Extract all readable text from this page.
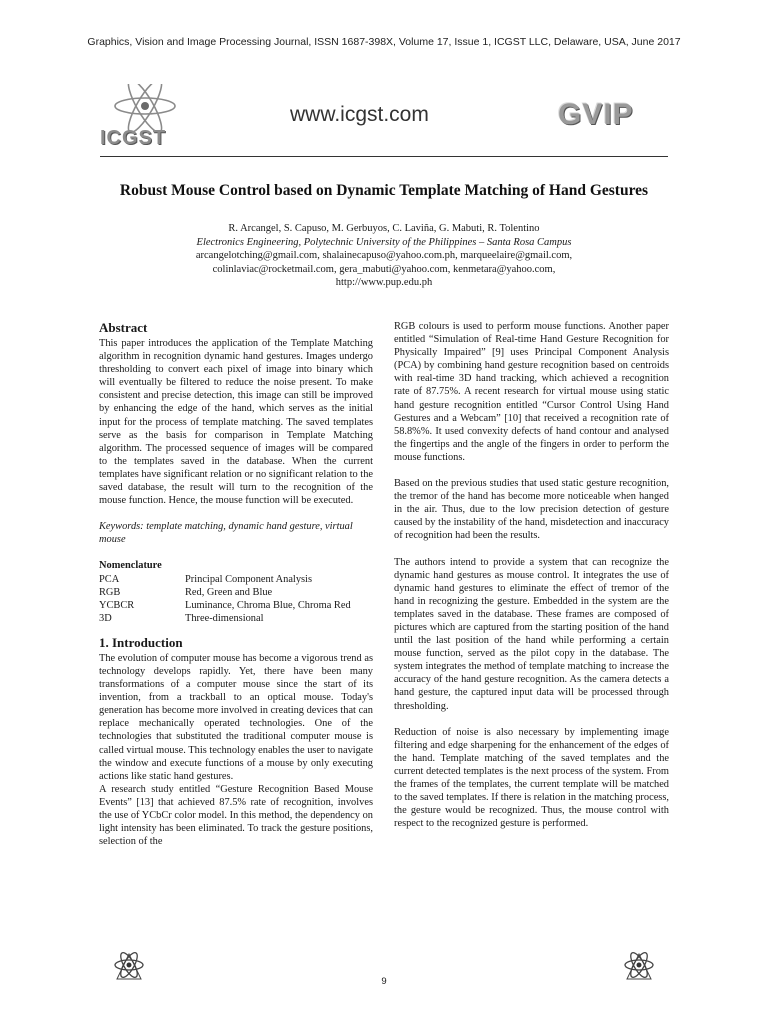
Graphics, Vision and Image Processing Journal, ISSN 1687-398X, Volume 17, Issue 1, ICGST LLC, Delaware, USA, June 2017
ICGST
www.icgst.com	GVIP
Robust Mouse Control based on Dynamic Template Matching of Hand Gestures
R. Arcangel, S. Capuso, M. Gerbuyos, C. Laviña, G. Mabuti, R. Tolentino
Electronics Engineering, Polytechnic University of the Philippines – Santa Rosa Campus
arcangelotching@gmail.com, shalainecapuso@yahoo.com.ph, marqueelaire@gmail.com,
colinlaviac@rocketmail.com, gera_mabuti@yahoo.com, kenmetara@yahoo.com,
http://www.pup.edu.ph
Abstract

This paper introduces the application of the Template Matching algorithm in recognition dynamic hand gestures. Images undergo thresholding to convert each pixel of image into binary which will eventually be filtered to reduce the noise present. To make consistent and precise detection, this image can still be improved by enhancing the edge of the hand, which serves as the initial input for the process of template matching. The saved templates serve as the basis for comparison in Template Matching algorithm. The processed sequence of images will be compared to the templates saved in the database. When the current templates have significant relation or no significant relation to the saved database, the result will turn to the recognition of the mouse function. Hence, the mouse function will be executed.

Keywords: template matching, dynamic hand gesture, virtual mouse

Nomenclature
PCA	Principal Component Analysis
RGB	Red, Green and Blue
YCBCR	Luminance, Chroma Blue, Chroma Red
3D	Three-dimensional
1. Introduction

The evolution of computer mouse has become a vigorous trend as technology develops rapidly. Yet, there have been many transformations of a computer mouse since the start of its invention, from a trackball to an optical mouse. Today's generation has become more involved in creating devices that can replace mechanically operated technologies. One of the technologies that substituted the traditional computer mouse is called virtual mouse. This technology enables the user to navigate the window and execute functions of a mouse by only executing actions like static hand gestures.

A research study entitled “Gesture Recognition Based Mouse Events” [13] that achieved 87.5% rate of recognition, involves the use of YCbCr color model. In this method, the dependency on light intensity has been eliminated. To track the gesture positions, selection of the

RGB colours is used to perform mouse functions. Another paper entitled “Simulation of Real-time Hand Gesture Recognition for Physically Impaired” [9] uses Principal Component Analysis (PCA) by combining hand gesture recognition based on centroids with real-time 3D hand tracking, which achieved a recognition rate of 87.75%. A recent research for virtual mouse using static hand gesture recognition entitled “Cursor Control Using Hand Gestures and a Webcam” [10] that received a recognition rate of 58.8%%. It used convexity defects of hand contour and analysed the fingertips and the angle of the fingers in order to perform the mouse functions.

Based on the previous studies that used static gesture recognition, the tremor of the hand has become more noticeable when hanged in the air. Thus, due to the low precision detection of gesture caused by the instability of the hand, misdetection and inaccuracy of recognition had been the results.

The authors intend to provide a system that can recognize the dynamic hand gestures as mouse control. It integrates the use of dynamic hand gestures to eliminate the effect of tremor of the hand in recognizing the gesture. Embedded in the system are the templates saved in the database. These frames are composed of pictures which are captured from the starting position of the hand until the last position of the hand while performing a certain mouse function, served as the pilot copy in the database. The system integrates the method of template matching to increase the accuracy of the hand gesture recognition. As the camera detects a hand gesture, the captured input data will be processed through thresholding.

Reduction of noise is also necessary by implementing image filtering and edge sharpening for the enhancement of the edges of the hand. Template matching of the saved templates and the current detected templates is the next process of the system. From the frames of the templates, the current template will be matched to the saved templates. If there is relation in the matching process, the gesture would be recognized. Thus, the mouse control with respect to the recognized gesture is performed.

9
